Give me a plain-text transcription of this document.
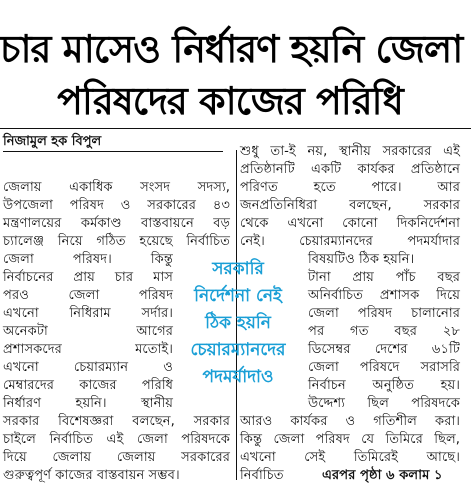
চার মাসেও নির্ধারণ হয়নি জেলা
পরিষদের কাজের পরিধি
নিজামুল হক বিপুল
জেলায় একাধিক সংসদ সদস্য,
উপজেলা পরিষদ ও সরকারের ৪৩
মন্ত্রণালয়ের কর্মকাণ্ড বাস্তবায়নে বড়
চ্যালেঞ্জ নিয়ে গঠিত হয়েছে নির্বাচিত
জেলা পরিষদ। কিন্তু
নির্বাচনের প্রায় চার মাস
পরও জেলা পরিষদ
এখনো নিধিরাম সর্দার।
অনেকটা আগের
প্রশাসকদের মতোই।
এখনো চেয়ারম্যান ও
মেম্বারদের কাজের পরিধি
নির্ধারণ হয়নি। স্থানীয়
সরকার বিশেষজ্ঞরা বলছেন, সরকার
চাইলে নির্বাচিত এই জেলা পরিষদকে
দিয়ে জেলায় জেলায় সরকারের
গুরুত্বপূর্ণ কাজের বাস্তবায়ন সম্ভব।
সরকারি
নির্দেশনা নেই
ঠিক হয়নি
চেয়ারম্যানদের
পদমর্যাদাও
শুধু তা-ই নয়, স্থানীয় সরকারের এই
প্রতিষ্ঠানটি একটি কার্যকর প্রতিষ্ঠানে
পরিণত হতে পারে। আর
জনপ্রতিনিধিরা বলছেন, সরকার
থেকে এখনো কোনো দিকনির্দেশনা
নেই। চেয়ারম্যানদের পদমর্যাদার
বিষয়টিও ঠিক হয়নি।
টানা প্রায় পাঁচ বছর
অনির্বাচিত প্রশাসক দিয়ে
জেলা পরিষদ চালানোর
পর গত বছর ২৮
ডিসেম্বর দেশের ৬১টি
জেলা পরিষদে সরাসরি
নির্বাচন অনুষ্ঠিত হয়।
উদ্দেশ্য ছিল পরিষদকে
আরও কার্যকর ও গতিশীল করা।
কিন্তু জেলা পরিষদ যে তিমিরে ছিল,
এখনো সেই তিমিরেই আছে।
নির্বাচিত	এরপর পৃষ্ঠা ৬ কলাম ১
